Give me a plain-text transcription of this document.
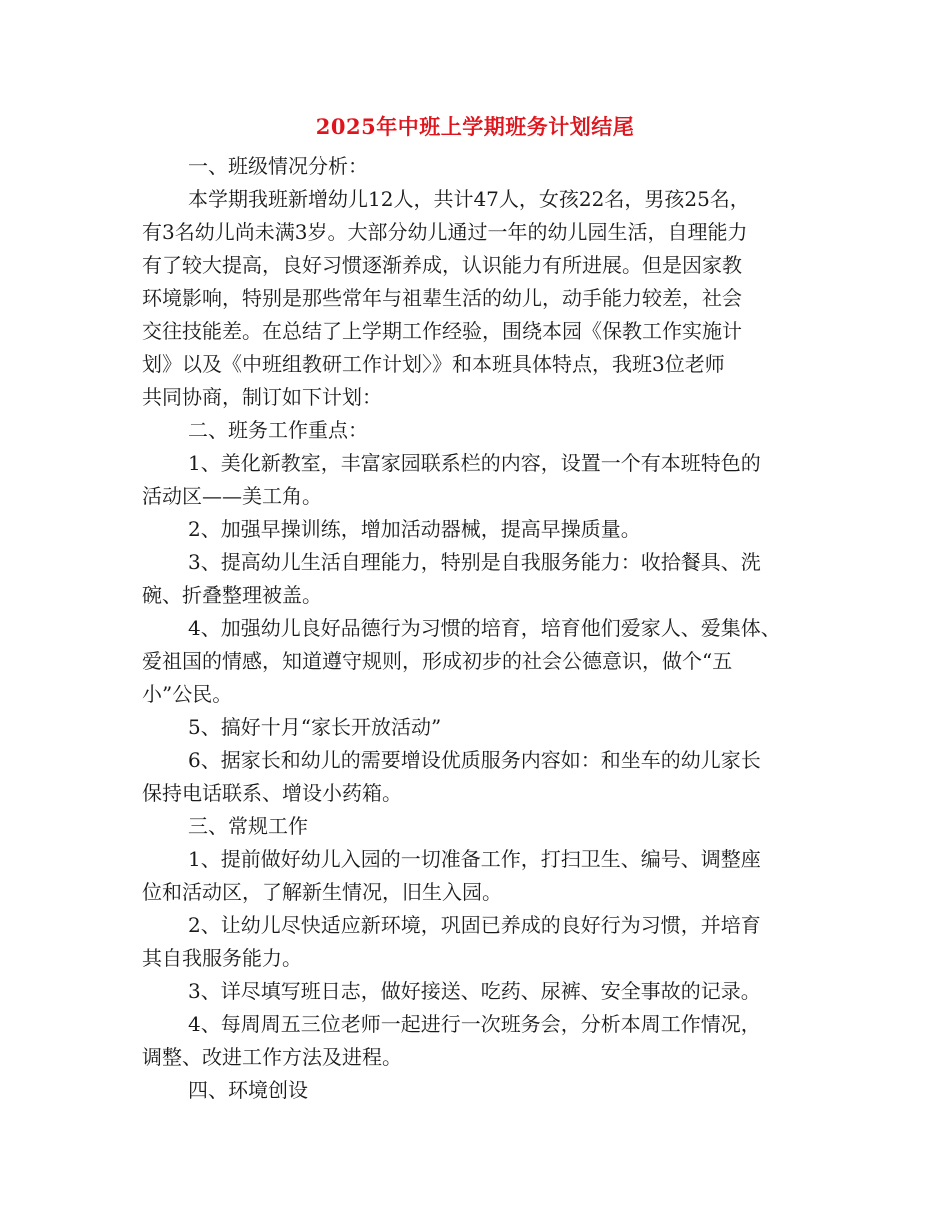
2025年中班上学期班务计划结尾
一、班级情况分析：
本学期我班新增幼儿12人，共计47人，女孩22名，男孩25名，
有3名幼儿尚未满3岁。大部分幼儿通过一年的幼儿园生活，自理能力
有了较大提高，良好习惯逐渐养成，认识能力有所进展。但是因家教
环境影响，特别是那些常年与祖辈生活的幼儿，动手能力较差，社会
交往技能差。在总结了上学期工作经验，围绕本园《保教工作实施计
划》以及《中班组教研工作计划〉》和本班具体特点，我班3位老师
共同协商，制订如下计划：
二、班务工作重点：
1、美化新教室，丰富家园联系栏的内容，设置一个有本班特色的
活动区——美工角。
2、加强早操训练，增加活动器械，提高早操质量。
3、提高幼儿生活自理能力，特别是自我服务能力：收拾餐具、洗
碗、折叠整理被盖。
4、加强幼儿良好品德行为习惯的培育，培育他们爱家人、爱集体、
爱祖国的情感，知道遵守规则，形成初步的社会公德意识，做个“五
小”公民。
5、搞好十月“家长开放活动”
6、据家长和幼儿的需要增设优质服务内容如：和坐车的幼儿家长
保持电话联系、增设小药箱。
三、常规工作
1、提前做好幼儿入园的一切准备工作，打扫卫生、编号、调整座
位和活动区，了解新生情况，旧生入园。
2、让幼儿尽快适应新环境，巩固已养成的良好行为习惯，并培育
其自我服务能力。
3、详尽填写班日志，做好接送、吃药、尿裤、安全事故的记录。
4、每周周五三位老师一起进行一次班务会，分析本周工作情况，
调整、改进工作方法及进程。
四、环境创设
